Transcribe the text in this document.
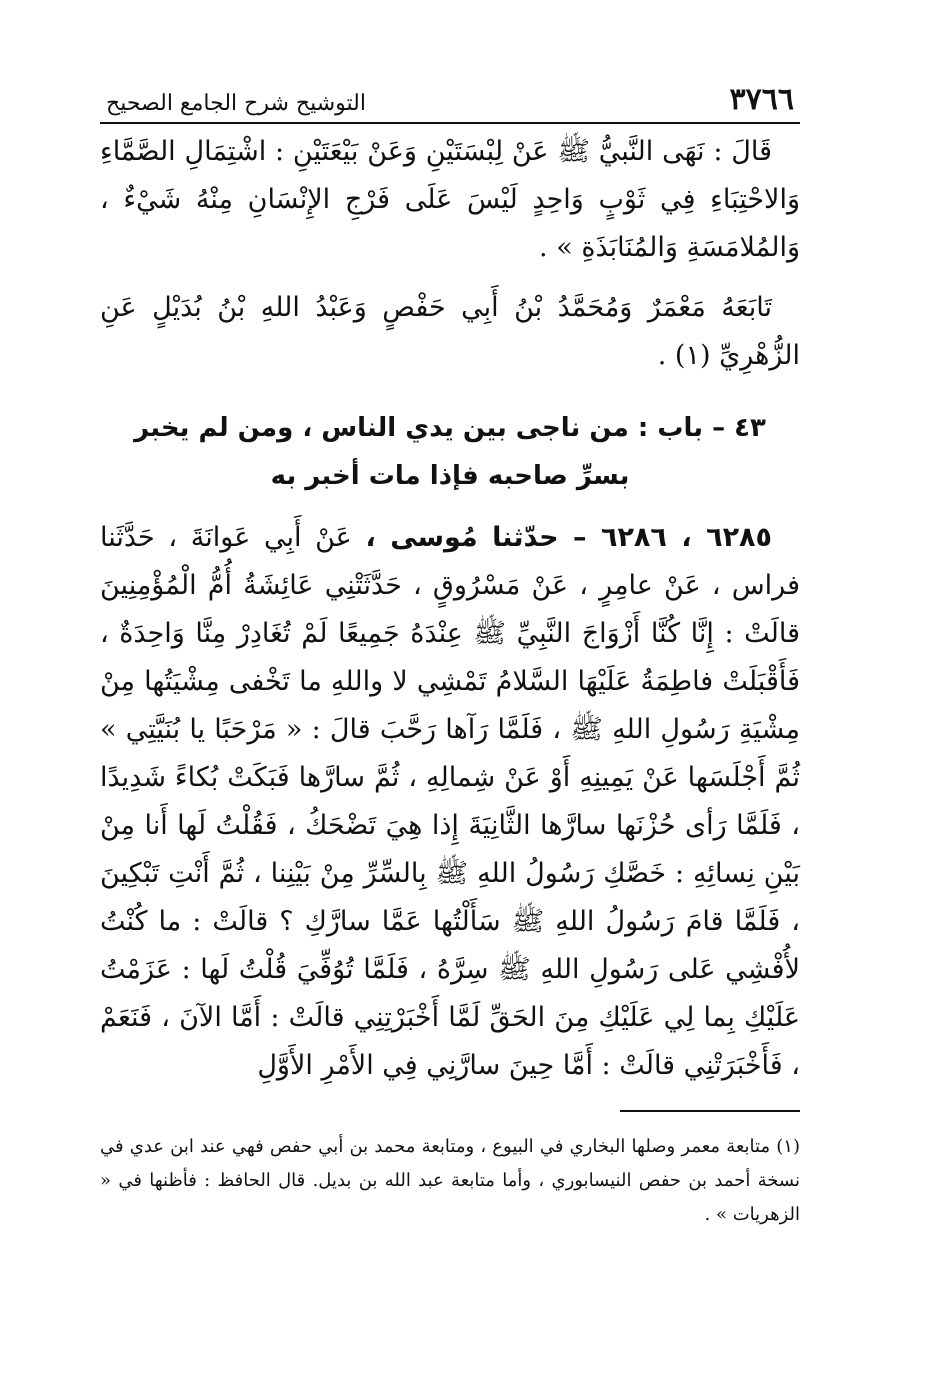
٣٧٦٦
التوشيح شرح الجامع الصحيح

قَالَ : نَهَى النَّبيُّ ﷺ عَنْ لِبْسَتَيْنِ وَعَنْ بَيْعَتَيْنِ : اشْتِمَالِ الصَّمَّاءِ وَالاحْتِبَاءِ فِي ثَوْبٍ وَاحِدٍ لَيْسَ عَلَى فَرْجِ الإِنْسَانِ مِنْهُ شَيْءٌ ، وَالمُلامَسَةِ وَالمُنَابَذَةِ » .

تَابَعَهُ مَعْمَرٌ وَمُحَمَّدُ بْنُ أَبِي حَفْصٍ وَعَبْدُ اللهِ بْنُ بُدَيْلٍ عَنِ الزُّهْرِيِّ (١) .

٤٣ – باب : من ناجى بين يدي الناس ، ومن لم يخبر
بسرِّ صاحبه فإذا مات أخبر به

٦٢٨٥ ، ٦٢٨٦ – حدّثنا مُوسى ، عَنْ أَبِي عَوانَةَ ، حَدَّثَنا فراس ، عَنْ عامِرٍ ، عَنْ مَسْرُوقٍ ، حَدَّثَتْنِي عَائِشَةُ أُمُّ الْمُؤْمِنِينَ قالَتْ : إِنَّا كُنَّا أَزْوَاجَ النَّبِيِّ ﷺ عِنْدَهُ جَمِيعًا لَمْ تُغَادِرْ مِنَّا وَاحِدَةٌ ، فَأَقْبَلَتْ فاطِمَةُ عَلَيْهَا السَّلامُ تَمْشِي لا واللهِ ما تَخْفى مِشْيَتُها مِنْ مِشْيَةِ رَسُولِ اللهِ ﷺ ، فَلَمَّا رَآها رَحَّبَ قالَ : « مَرْحَبًا يا بُنَيَّتِي » ثُمَّ أَجْلَسَها عَنْ يَمِينِهِ أَوْ عَنْ شِمالِهِ ، ثُمَّ سارَّها فَبَكَتْ بُكاءً شَدِيدًا ، فَلَمَّا رَأى حُزْنَها سارَّها الثَّانِيَةَ إِذا هِيَ تَضْحَكُ ، فَقُلْتُ لَها أَنا مِنْ بَيْنِ نِسائِهِ : خَصَّكِ رَسُولُ اللهِ ﷺ بِالسِّرِّ مِنْ بَيْنِنا ، ثُمَّ أَنْتِ تَبْكِينَ ، فَلَمَّا قامَ رَسُولُ اللهِ ﷺ سَأَلْتُها عَمَّا سارَّكِ ؟ قالَتْ : ما كُنْتُ لأُفْشِي عَلى رَسُولِ اللهِ ﷺ سِرَّهُ ، فَلَمَّا تُوُفِّيَ قُلْتُ لَها : عَزَمْتُ عَلَيْكِ بِما لِي عَلَيْكِ مِنَ الحَقِّ لَمَّا أَخْبَرْتِنِي قالَتْ : أَمَّا الآنَ ، فَنَعَمْ ، فَأَخْبَرَتْنِي قالَتْ : أَمَّا حِينَ سارَّنِي فِي الأَمْرِ الأَوَّلِ

(١) متابعة معمر وصلها البخاري في البيوع ، ومتابعة محمد بن أبي حفص فهي عند ابن عدي في نسخة أحمد بن حفص النيسابوري ، وأما متابعة عبد الله بن بديل. قال الحافظ : فأظنها في « الزهريات » .
